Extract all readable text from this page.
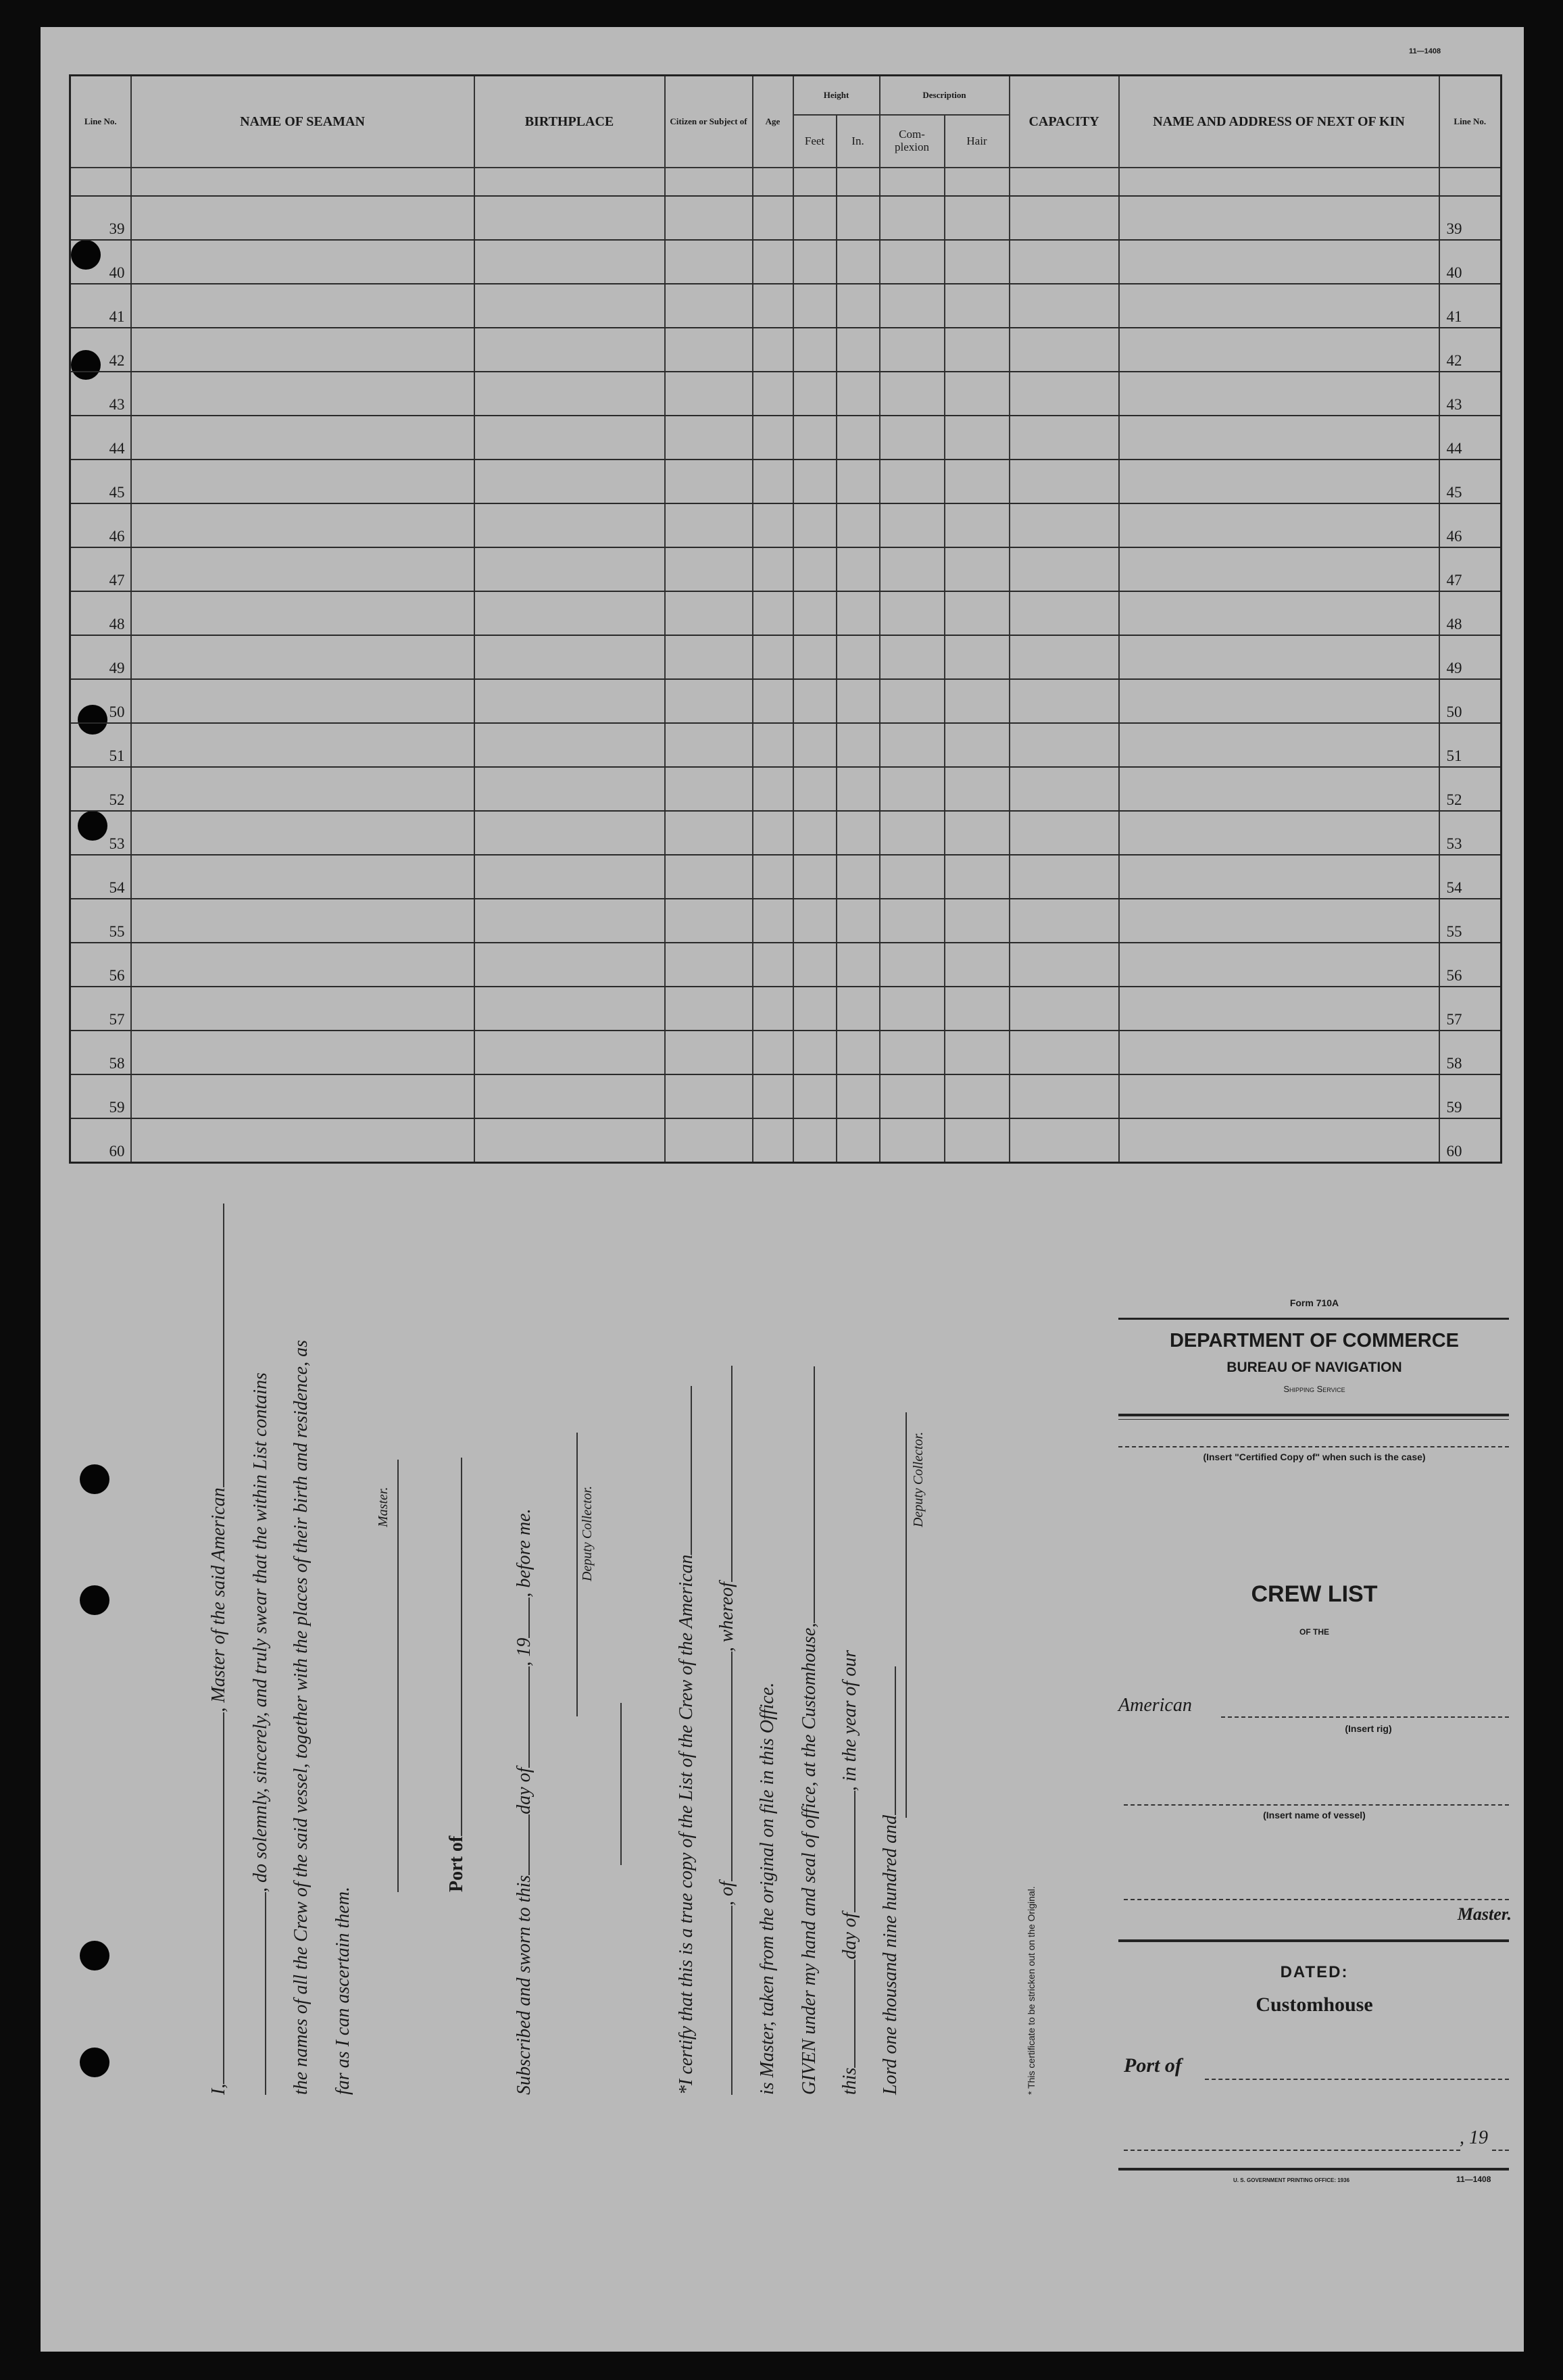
11—1408
Line No.	NAME OF SEAMAN	BIRTHPLACE	Citizen or Subject of	Age	Height		Description		CAPACITY	NAME AND ADDRESS OF NEXT OF KIN	Line No.
					Feet	In.	Com- plexion	Hair			

39											39
40											40
41											41
42											42
43											43
44											44
45											45
46											46
47											47
48											48
49											49
50											50
51											51
52											52
53											53
54											54
55											55
56											56
57											57
58											58
59											59
60											60
I,, Master of the said American , do solemnly, sincerely, and truly swear that the within List contains the names of all the Crew of the said vessel, together with the places of their birth and residence, as far as I can ascertain them.
Master.
Port of
Subscribed and sworn to thisday of, 19, before me.	Deputy Collector.
*I certify that this is a true copy of the List of the Crew of the American , of, whereof
is Master, taken from the original on file in this Office. GIVEN under my hand and seal of office, at the Customhouse, thisday of, in the year of our
Lord one thousand nine hundred and
Deputy Collector.
* This certificate to be stricken out on the Original.
Form 710A
DEPARTMENT OF COMMERCE
BUREAU OF NAVIGATION
Shipping Service
(Insert "Certified Copy of" when such is the case)
CREW LIST
OF THE
American
(Insert rig)
(Insert name of vessel)
Master.
DATED:
Customhouse
Port of
, 19
U. S. GOVERNMENT PRINTING OFFICE: 1936	11—1408
